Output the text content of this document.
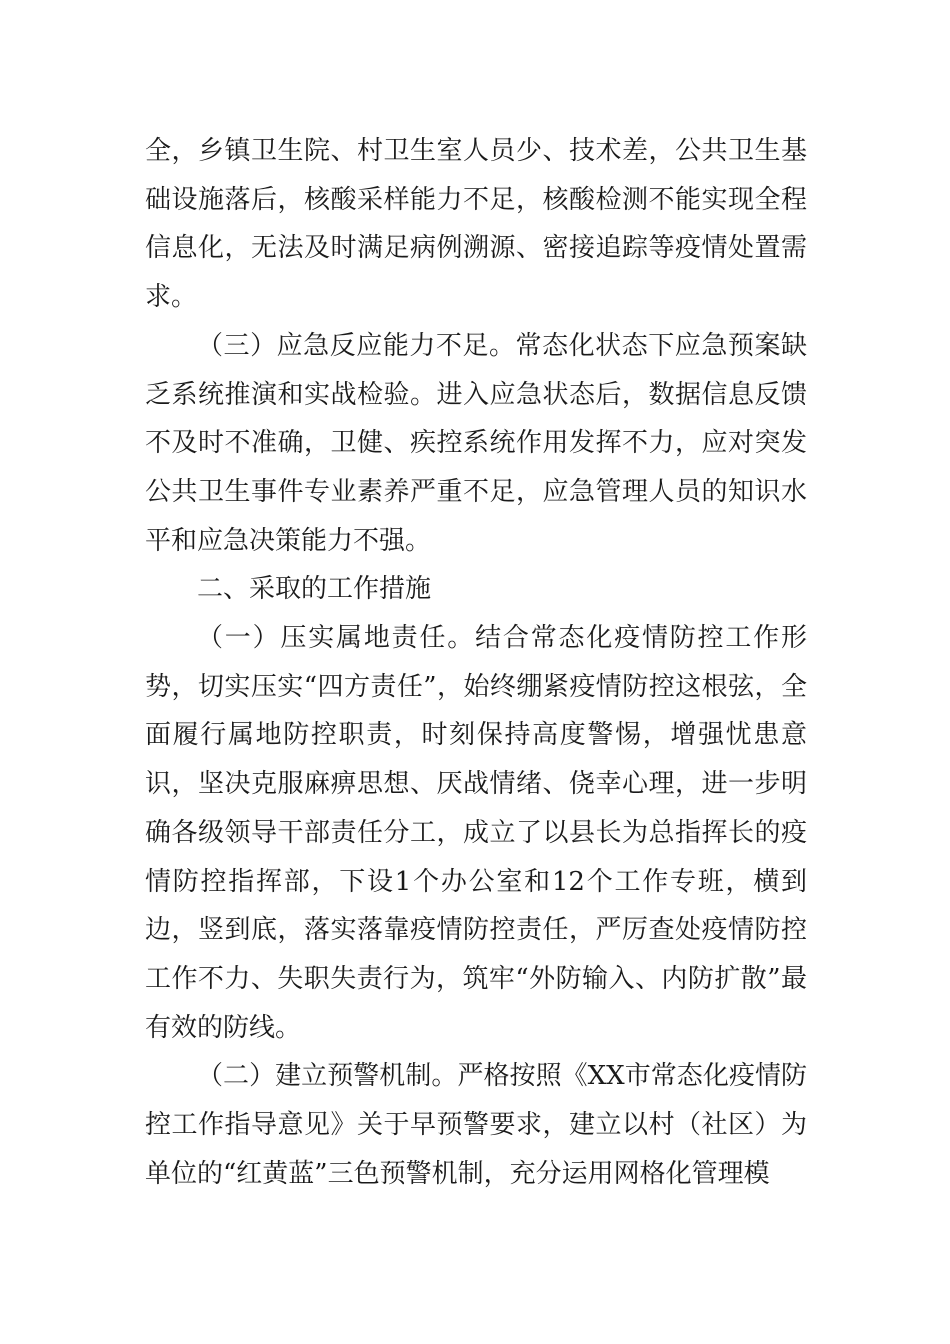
全，乡镇卫生院、村卫生室人员少、技术差，公共卫生基础设施落后，核酸采样能力不足，核酸检测不能实现全程信息化，无法及时满足病例溯源、密接追踪等疫情处置需求。

（三）应急反应能力不足。常态化状态下应急预案缺乏系统推演和实战检验。进入应急状态后，数据信息反馈不及时不准确，卫健、疾控系统作用发挥不力，应对突发公共卫生事件专业素养严重不足，应急管理人员的知识水平和应急决策能力不强。

二、采取的工作措施

（一）压实属地责任。结合常态化疫情防控工作形势，切实压实“四方责任”，始终绷紧疫情防控这根弦，全面履行属地防控职责，时刻保持高度警惕，增强忧患意识，坚决克服麻痹思想、厌战情绪、侥幸心理，进一步明确各级领导干部责任分工，成立了以县长为总指挥长的疫情防控指挥部，下设1个办公室和12个工作专班，横到边，竖到底，落实落靠疫情防控责任，严厉查处疫情防控工作不力、失职失责行为，筑牢“外防输入、内防扩散”最有效的防线。

（二）建立预警机制。严格按照《XX市常态化疫情防控工作指导意见》关于早预警要求，建立以村（社区）为单位的“红黄蓝”三色预警机制，充分运用网格化管理模
